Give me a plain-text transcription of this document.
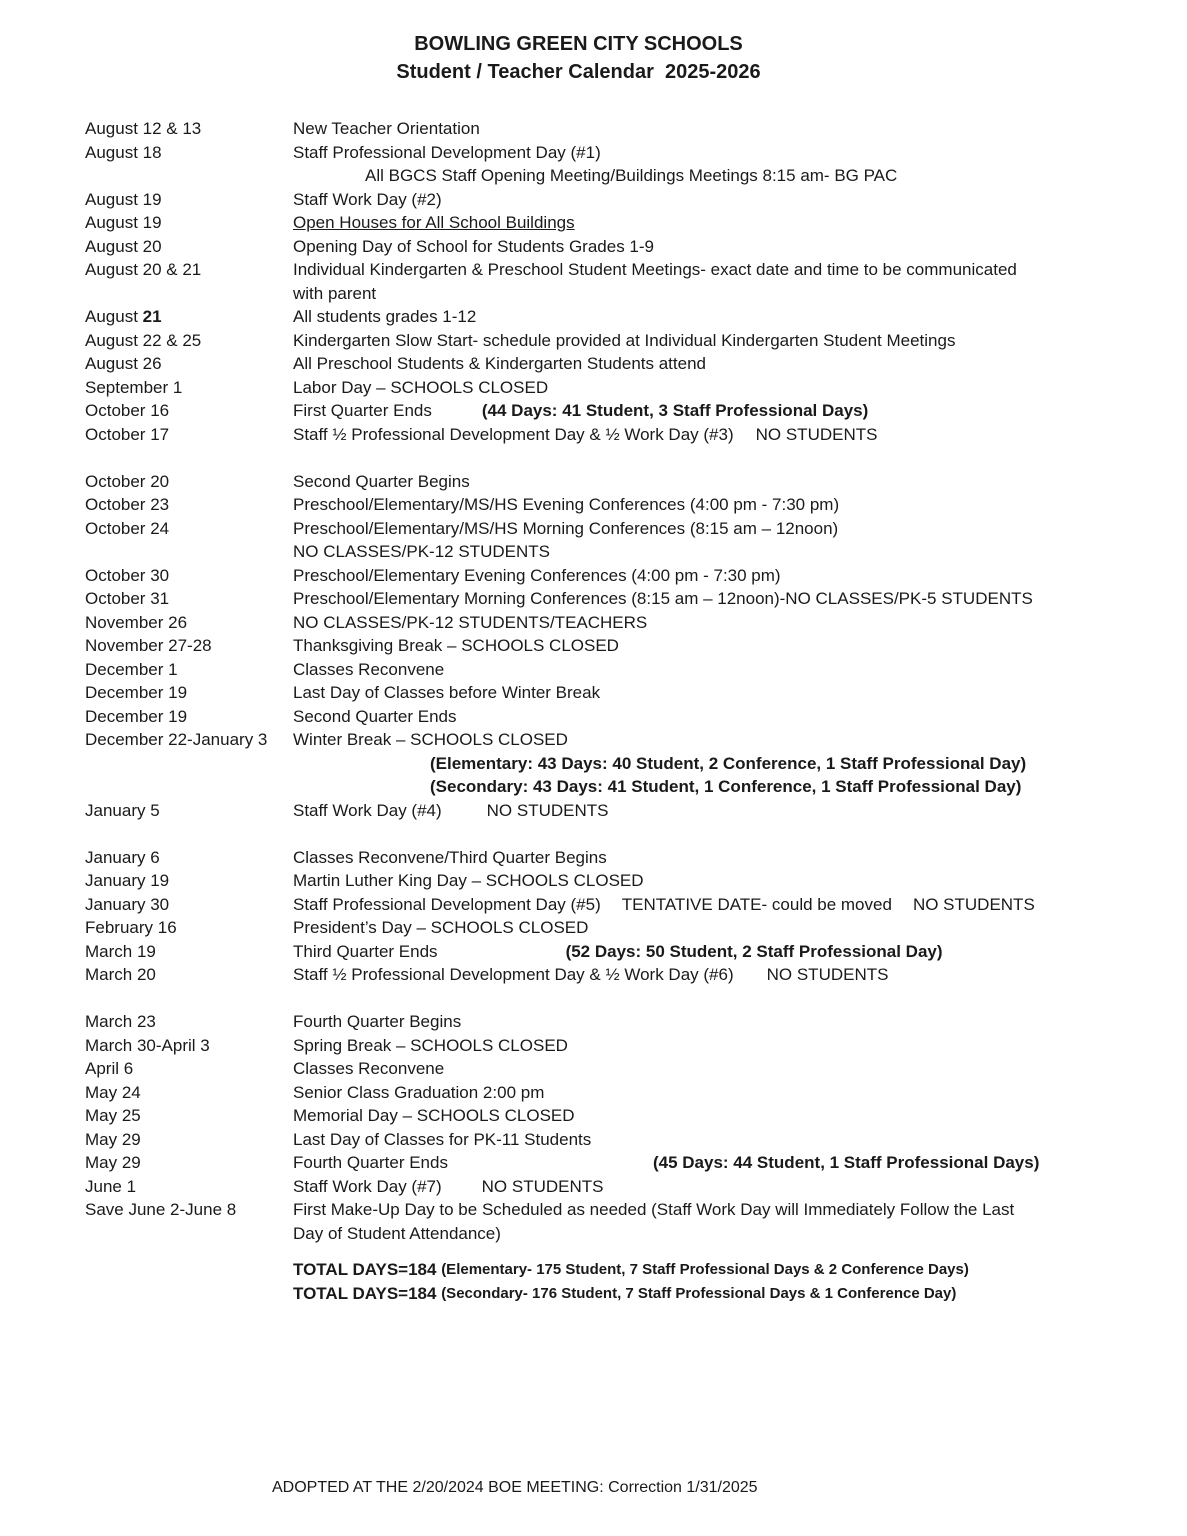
BOWLING GREEN CITY SCHOOLS
Student / Teacher Calendar  2025-2026
August 12 & 13	New Teacher Orientation
August 18	Staff Professional Development Day (#1)
All BGCS Staff Opening Meeting/Buildings Meetings 8:15 am- BG PAC
August 19	Staff Work Day (#2)
August 19	Open Houses for All School Buildings
August 20	Opening Day of School for Students Grades 1-9
August 20 & 21	Individual Kindergarten & Preschool Student Meetings- exact date and time to be communicated
with parent
August 21	All students grades 1-12
August 22 & 25	Kindergarten Slow Start- schedule provided at Individual Kindergarten Student Meetings
August 26	All Preschool Students & Kindergarten Students attend
September 1	Labor Day – SCHOOLS CLOSED
October 16	First Quarter Ends	(44 Days: 41 Student, 3 Staff Professional Days)
October 17	Staff ½ Professional Development Day & ½ Work Day (#3) NO STUDENTS
October 20	Second Quarter Begins
October 23	Preschool/Elementary/MS/HS Evening Conferences (4:00 pm - 7:30 pm)
October 24	Preschool/Elementary/MS/HS Morning Conferences (8:15 am – 12noon)
NO CLASSES/PK-12 STUDENTS
October 30	Preschool/Elementary Evening Conferences (4:00 pm - 7:30 pm)
October 31	Preschool/Elementary Morning Conferences (8:15 am – 12noon)-NO CLASSES/PK-5 STUDENTS
November 26	NO CLASSES/PK-12 STUDENTS/TEACHERS
November 27-28	Thanksgiving Break – SCHOOLS CLOSED
December 1	Classes Reconvene
December 19	Last Day of Classes before Winter Break
December 19	Second Quarter Ends
December 22-January 3	Winter Break – SCHOOLS CLOSED
(Elementary: 43 Days: 40 Student, 2 Conference, 1 Staff Professional Day)
(Secondary: 43 Days: 41 Student, 1 Conference, 1 Staff Professional Day)
January 5	Staff Work Day (#4)	NO STUDENTS
January 6	Classes Reconvene/Third Quarter Begins
January 19	Martin Luther King Day – SCHOOLS CLOSED
January 30	Staff Professional Development Day (#5) TENTATIVE DATE- could be moved NO STUDENTS
February 16	President’s Day – SCHOOLS CLOSED
March 19	Third Quarter Ends	(52 Days: 50 Student, 2 Staff Professional Day)
March 20	Staff ½ Professional Development Day & ½ Work Day (#6) NO STUDENTS
March 23	Fourth Quarter Begins
March 30-April 3	Spring Break – SCHOOLS CLOSED
April 6	Classes Reconvene
May 24	Senior Class Graduation 2:00 pm
May 25	Memorial Day – SCHOOLS CLOSED
May 29	Last Day of Classes for PK-11 Students
May 29	Fourth Quarter Ends	(45 Days: 44 Student, 1 Staff Professional Days)
June 1	Staff Work Day (#7) NO STUDENTS
Save June 2-June 8	First Make-Up Day to be Scheduled as needed (Staff Work Day will Immediately Follow the Last
Day of Student Attendance)
TOTAL DAYS=184 (Elementary- 175 Student, 7 Staff Professional Days & 2 Conference Days)
TOTAL DAYS=184 (Secondary- 176 Student, 7 Staff Professional Days & 1 Conference Day)
ADOPTED AT THE 2/20/2024 BOE MEETING: Correction 1/31/2025
